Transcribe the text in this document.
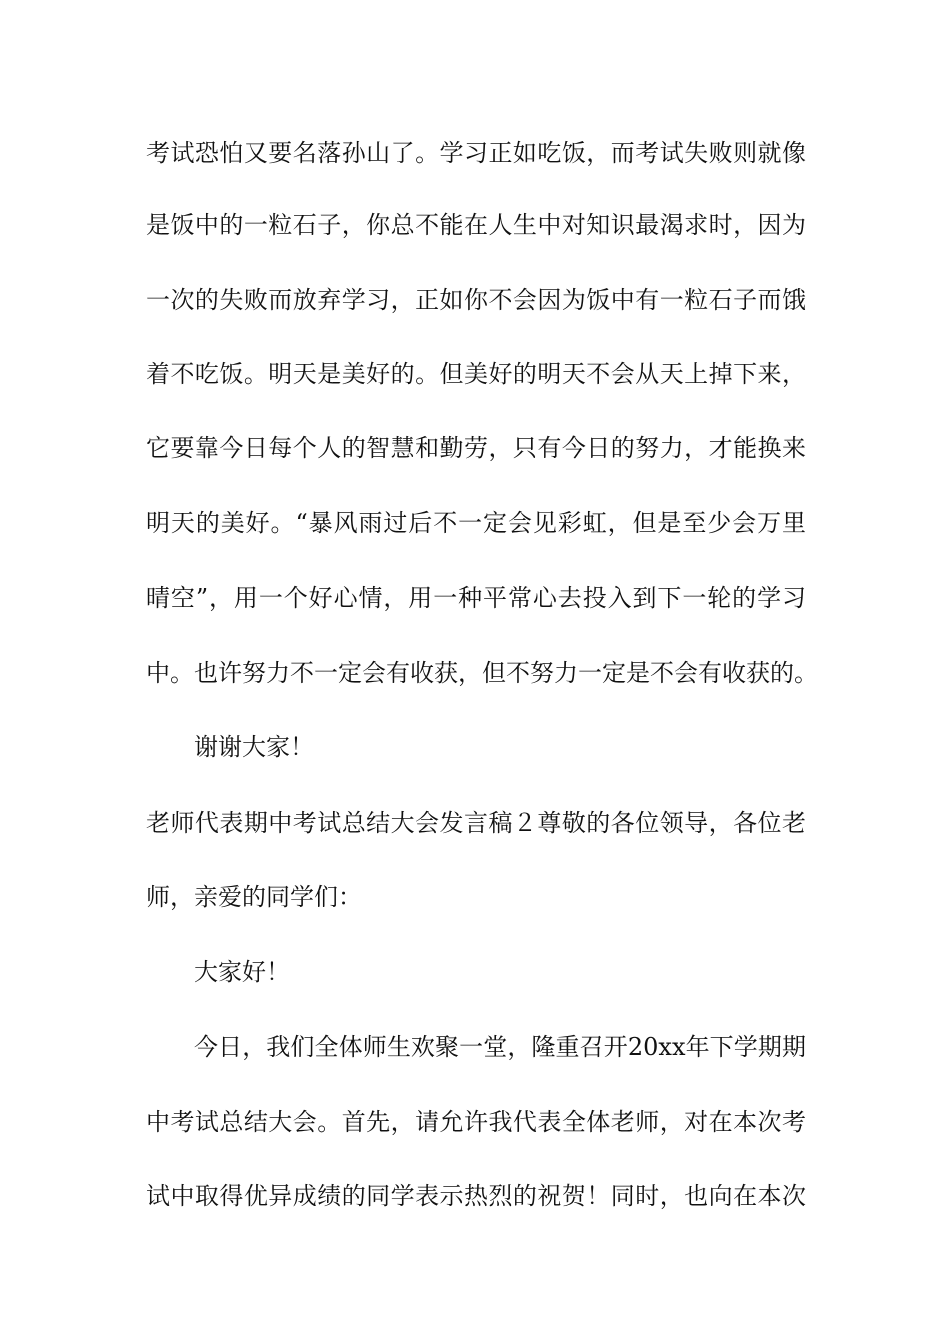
考试恐怕又要名落孙山了。学习正如吃饭，而考试失败则就像
是饭中的一粒石子，你总不能在人生中对知识最渴求时，因为
一次的失败而放弃学习，正如你不会因为饭中有一粒石子而饿
着不吃饭。明天是美好的。但美好的明天不会从天上掉下来，
它要靠今日每个人的智慧和勤劳，只有今日的努力，才能换来
明天的美好。“暴风雨过后不一定会见彩虹，但是至少会万里
晴空”，用一个好心情，用一种平常心去投入到下一轮的学习
中。也许努力不一定会有收获，但不努力一定是不会有收获的。
谢谢大家！
老师代表期中考试总结大会发言稿２尊敬的各位领导，各位老
师，亲爱的同学们：
大家好！
今日，我们全体师生欢聚一堂，隆重召开20xx年下学期期
中考试总结大会。首先，请允许我代表全体老师，对在本次考
试中取得优异成绩的同学表示热烈的祝贺！同时，也向在本次
